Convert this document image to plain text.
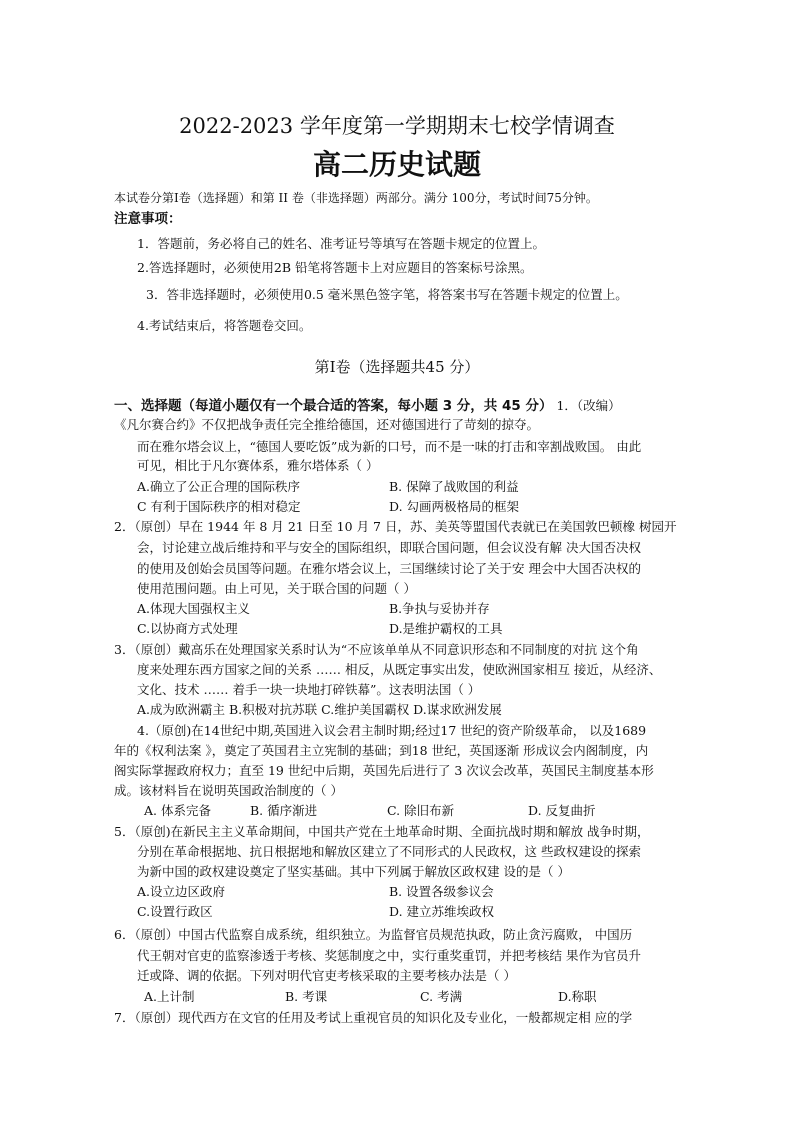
2022-2023 学年度第一学期期末七校学情调查
高二历史试题
本试卷分第Ⅰ卷（选择题）和第 II 卷（非选择题）两部分。满分 100分，考试时间75分钟。
注意事项：
1．答题前，务必将自己的姓名、准考证号等填写在答题卡规定的位置上。
2.答选择题时，必须使用2B 铅笔将答题卡上对应题目的答案标号涂黑。
3．答非选择题时，必须使用0.5 毫米黑色签字笔，将答案书写在答题卡规定的位置上。
4.考试结束后，将答题卷交回。
第Ⅰ卷（选择题共45 分）
一、选择题（每道小题仅有一个最合适的答案，每小题 3 分，共 45 分） 1．（改编）
《凡尔赛合约》不仅把战争责任完全推给德国，还对德国进行了苛刻的掠夺。
而在雅尔塔会议上，“德国人要吃饭”成为新的口号，而不是一味的打击和宰割战败国。 由此
可见，相比于凡尔赛体系，雅尔塔体系（ ）
A.确立了公正合理的国际秩序	B. 保障了战败国的利益
C 有利于国际秩序的相对稳定	D. 勾画两极格局的框架
2．（原创）早在 1944 年 8 月 21 日至 10 月 7 日，苏、美英等盟国代表就已在美国敦巴顿橡 树园开
会，讨论建立战后维持和平与安全的国际组织，即联合国问题，但会议没有解 决大国否决权
的使用及创始会员国等问题。在雅尔塔会议上，三国继续讨论了关于安 理会中大国否决权的
使用范围问题。由上可见，关于联合国的问题（ ）
A.体现大国强权主义	B.争执与妥协并存
C.以协商方式处理	D.是维护霸权的工具
3．（原创）戴高乐在处理国家关系时认为“不应该单单从不同意识形态和不同制度的对抗 这个角
度来处理东西方国家之间的关系 …… 相反，从既定事实出发，使欧洲国家相互 接近，从经济、
文化、技术 …… 着手一块一块地打碎铁幕”。这表明法国（ ）
A.成为欧洲霸主 B.积极对抗苏联 C.维护美国霸权 D.谋求欧洲发展
4.（原创)在14世纪中期,英国进入议会君主制时期;经过17 世纪的资产阶级革命， 以及1689
年的《权利法案 》，奠定了英国君主立宪制的基础；到18 世纪，英国逐渐 形成议会内阁制度，内
阁实际掌握政府权力；直至 19 世纪中后期，英国先后进行了 3 次议会改革，英国民主制度基本形
成。该材料旨在说明英国政治制度的（ ）
A. 体系完备	B. 循序渐进	C. 除旧布新	D. 反复曲折
5．（原创)在新民主主义革命期间，中国共产党在土地革命时期、全面抗战时期和解放 战争时期，
分别在革命根据地、抗日根据地和解放区建立了不同形式的人民政权，这 些政权建设的探索
为新中国的政权建设奠定了坚实基础。其中下列属于解放区政权建 设的是（ ）
A.设立边区政府	B. 设置各级参议会
C.设置行政区	D. 建立苏维埃政权
6．（原创）中国古代监察自成系统，组织独立。为监督官员规范执政，防止贪污腐败， 中国历
代王朝对官吏的监察渗透于考核、奖惩制度之中，实行重奖重罚，并把考核结 果作为官员升
迁或降、调的依据。下列对明代官吏考核采取的主要考核办法是（ ）
A.上计制	B. 考课	C. 考满	D.称职
7．（原创）现代西方在文官的任用及考试上重视官员的知识化及专业化，一般都规定相 应的学
